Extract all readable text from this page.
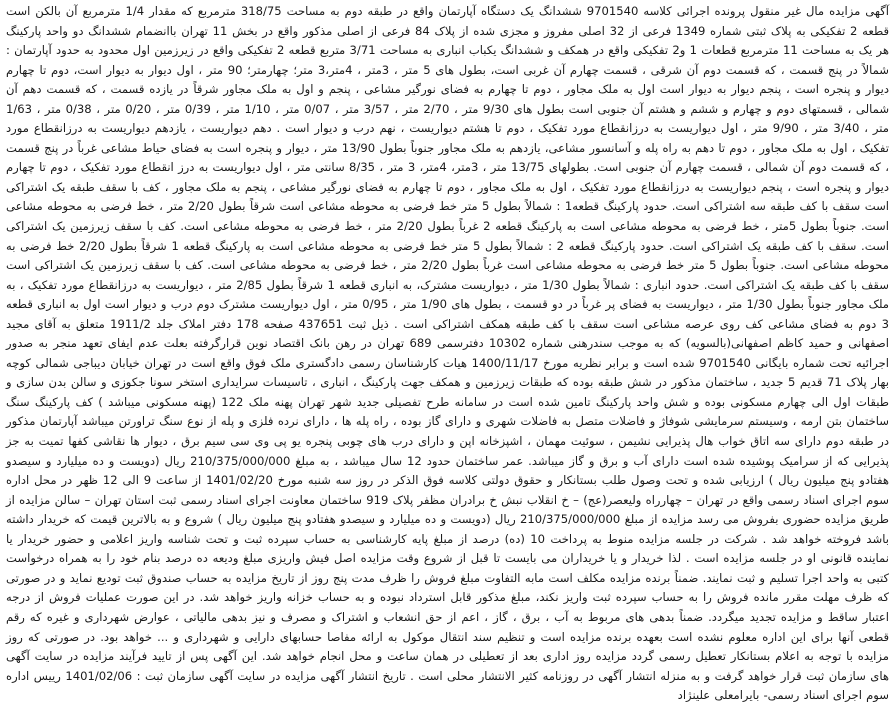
آگهی مزایده مال غیر منقول پرونده اجرائی کلاسه 9701540 ششدانگ یک دستگاه آپارتمان واقع در طبقه دوم به مساحت 318/75 مترمربع که مقدار 1/4 مترمربع آن بالکن است قطعه 2 تفکیکی به پلاک ثبتی شماره 1349 فرعی از 32 اصلی مفروز و مجزی شده از پلاک 84 فرعی از اصلی مذکور واقع در بخش 11 تهران باانضمام ششدانگ دو واحد پارکینگ هر یک به مساحت 11 مترمربع قطعات 1 و2 تفکیکی واقع در همکف و ششدانگ یکباب انباری به مساحت 3/71 متربع قطعه 2 تفکیکی واقع در زیرزمین اول محدود به حدود آپارتمان : شمالاً در پنج قسمت ، که قسمت دوم آن شرقی ، قسمت چهارم آن غربی است، بطول های 5 متر ، 3متر ، 4متر،3 متر؛ چهارمتر؛ 90 متر ، اول دیوار به دیوار است، دوم تا چهارم دیوار و پنجره است ، پنجم دیوار به دیوار است اول به ملک مجاور ، دوم تا چهارم به فضای نورگیر مشاعی ، پنجم و اول به ملک مجاور شرقاً در یازده قسمت ، که قسمت دهم آن شمالی ، قسمتهای دوم و چهارم و ششم و هشتم آن جنوبی است بطول های 9/30 متر ، 2/70 متر ، 3/57 متر ، 0/07 متر ، 1/10 متر ، 0/39 متر ، 0/20 متر ، 0/38 متر ، 1/63 متر ، 3/40 متر ، 9/90 متر ، اول دیواریست به درزانقطاع مورد تفکیک ، دوم تا هشتم دیواریست ، نهم درب و دیوار است . دهم دیواریست ، یازدهم دیواریست به درزانقطاع مورد تفکیک ، اول به ملک مجاور ، دوم تا دهم به راه پله و آسانسور مشاعی، یازدهم به ملک مجاور جنوباً بطول 13/90 متر ، دیوار و پنجره است به فضای حیاط مشاعی غرباً در پنج قسمت ، که قسمت دوم آن شمالی ، قسمت چهارم آن جنوبی است. بطولهای 13/75 متر ، 3متر، 4متر، 3 متر ، 8/35 سانتی متر ، اول دیواریست به درز انقطاع مورد تفکیک ، دوم تا چهارم دیوار و پنجره است ، پنجم دیواریست به درزانقطاع مورد تفکیک ، اول به ملک مجاور ، دوم تا چهارم به فضای نورگیر مشاعی ، پنجم به ملک مجاور ، کف با سقف طبقه یک اشتراکی است سقف با کف طبقه سه اشتراکی است. حدود پارکینگ قطعه1 : شمالاً بطول 5 متر خط فرضی به محوطه مشاعی است شرقاً بطول 2/20 متر ، خط فرضی به محوطه مشاعی است. جنوباً بطول 5متر ، خط فرضی به محوطه مشاعی است به پارکینگ قطعه 2 غرباً بطول 2/20 متر ، خط فرضی به محوطه مشاعی است. کف با سقف زیرزمین یک اشتراکی است. سقف با کف طبقه یک اشتراکی است. حدود پارکینگ قطعه 2 : شمالاً بطول 5 متر خط فرضی به محوطه مشاعی است به پارکینگ قطعه 1 شرقاً بطول 2/20 خط فرضی به محوطه مشاعی است. جنوباً بطول 5 متر خط فرضی به محوطه مشاعی است غرباً بطول 2/20 متر ، خط فرضی به محوطه مشاعی است. کف با سقف زیرزمین یک اشتراکی است سقف با کف طبقه یک اشتراکی است. حدود انباری : شمالاً بطول 1/30 متر ، دیواریست مشترک، به انباری قطعه 1 شرقاً بطول 2/85 متر ، دیواریست به درزانقطاع مورد تفکیک ، به ملک مجاور جنوباً بطول 1/30 متر ، دیواریست به فضای پر غرباً در دو قسمت ، بطول های 1/90 متر ، 0/95 متر ، اول دیواریست مشترک دوم درب و دیوار است اول به انباری قطعه 3 دوم به فضای مشاعی کف روی عرصه مشاعی است سقف با کف طبقه همکف اشتراکی است . ذیل ثبت 437651 صفحه 178 دفتر املاک جلد 1911/2 متعلق به آقای مجید اصفهانی و حمید کاظم اصفهانی(بالسویه) که به موجب سندرهنی شماره 10302 دفترسمی 689 تهران در رهن بانک اقتصاد نوین قرارگرفته بعلت عدم ایفای تعهد منجر به صدور اجرائیه تحت شماره بایگانی 9701540 شده است و برابر نظریه مورخ 1400/11/17 هیات کارشناسان رسمی دادگستری ملک فوق واقع است در تهران خیابان دیباجی شمالی کوچه بهار پلاک 71 قدیم 5 جدید ، ساختمان مذکور در شش طبقه بوده که طبقات زیرزمین و همکف جهت پارکینگ ، انباری ، تاسیسات سرایداری استخر سونا جکوزی و سالن بدن سازی و طبقات اول الی چهارم مسکونی بوده و شش واحد پارکینگ تامین شده است در سامانه طرح تفصیلی جدید شهر تهران پهنه ملک 122 (پهنه مسکونی میباشد ) کف پارکینگ سنگ ساختمان بتن ارمه ، وسیستم سرمایشی شوفاژ و فاضلات متصل به فاضلات شهری و دارای گاز بوده ، راه پله ها ، دارای نرده فلزی و پله از نوع سنگ تراورتن میباشد آپارتمان مذکور در طبقه دوم دارای سه اتاق خواب هال پذیرایی نشیمن ، سوئیت مهمان ، اشپزخانه اپن و دارای درب های چوبی پنجره یو پی وی سی سیم برق ، دیوار ها نقاشی کفها تمیت به جز پذیرایی که از سرامیک پوشیده شده است دارای آب و برق و گاز میباشد. عمر ساختمان حدود 12 سال میباشد ، به مبلغ 210/375/000/000 ریال (دویست و ده میلیارد و سیصدو هفتادو پنج میلیون ریال ) ارزیابی شده و تحت وصول طلب بستانکار و حقوق دولتی کلاسه فوق الذکر در روز سه شنبه مورخ 1401/02/20 از ساعت 9 الی 12 ظهر در محل اداره سوم اجرای اسناد رسمی واقع در تهران – چهارراه ولیعصر(عج) – خ انقلاب نبش خ برادران مظفر پلاک 919 ساختمان معاونت اجرای اسناد رسمی ثبت استان تهران – سالن مزایده از طریق مزایده حضوری بفروش می رسد مزایده از مبلغ 210/375/000/000 ریال (دویست و ده میلیارد و سیصدو هفتادو پنج میلیون ریال ) شروع و به بالاترین قیمت که خریدار داشته باشد فروخته خواهد شد . شرکت در جلسه مزایده منوط به پرداخت 10 (ده) درصد از مبلغ پایه کارشناسی به حساب سپرده ثبت و تحت شناسه واریز اعلامی و حضور خریدار یا نماینده قانونی او در جلسه مزایده است . لذا خریدار و یا خریداران می بایست تا قبل از شروع وقت مزایده اصل فیش واریزی مبلغ ودیعه ده درصد بنام خود را به همراه درخواست کتبی به واحد اجرا تسلیم و ثبت نمایند. ضمناً برنده مزایده مکلف است مابه التفاوت مبلغ فروش را ظرف مدت پنج روز از تاریخ مزایده به حساب صندوق ثبت تودیع نماید و در صورتی که ظرف مهلت مقرر مانده فروش را به حساب سپرده ثبت واریز نکند، مبلغ مذکور قابل استرداد نبوده و به حساب خزانه واریز خواهد شد. در این صورت عملیات فروش از درجه اعتبار ساقط و مزایده تجدید میگردد. ضمناً بدهی های مربوط به آب ، برق ، گاز ، اعم از حق انشعاب و اشتراک و مصرف و نیز بدهی مالیاتی ، عوارض شهرداری و غیره که رقم قطعی آنها برای این اداره معلوم نشده است بعهده برنده مزایده است و تنظیم سند انتقال موکول به ارائه مفاصا حسابهای دارایی و شهرداری و ... خواهد بود. در صورتی که روز مزایده با توجه به اعلام بستانکار تعطیل رسمی گردد مزایده روز اداری بعد از تعطیلی در همان ساعت و محل انجام خواهد شد. این آگهی پس از تایید فرآیند مزایده در سایت آگهی های سازمان ثبت قرار خواهد گرفت و به منزله انتشار آگهی در روزنامه کثیر الانتشار محلی است . تاریخ انتشار آگهی مزایده در سایت آگهی سازمان ثبت : 1401/02/06 رییس اداره سوم اجرای اسناد رسمی- بایرامعلی علینژاد
